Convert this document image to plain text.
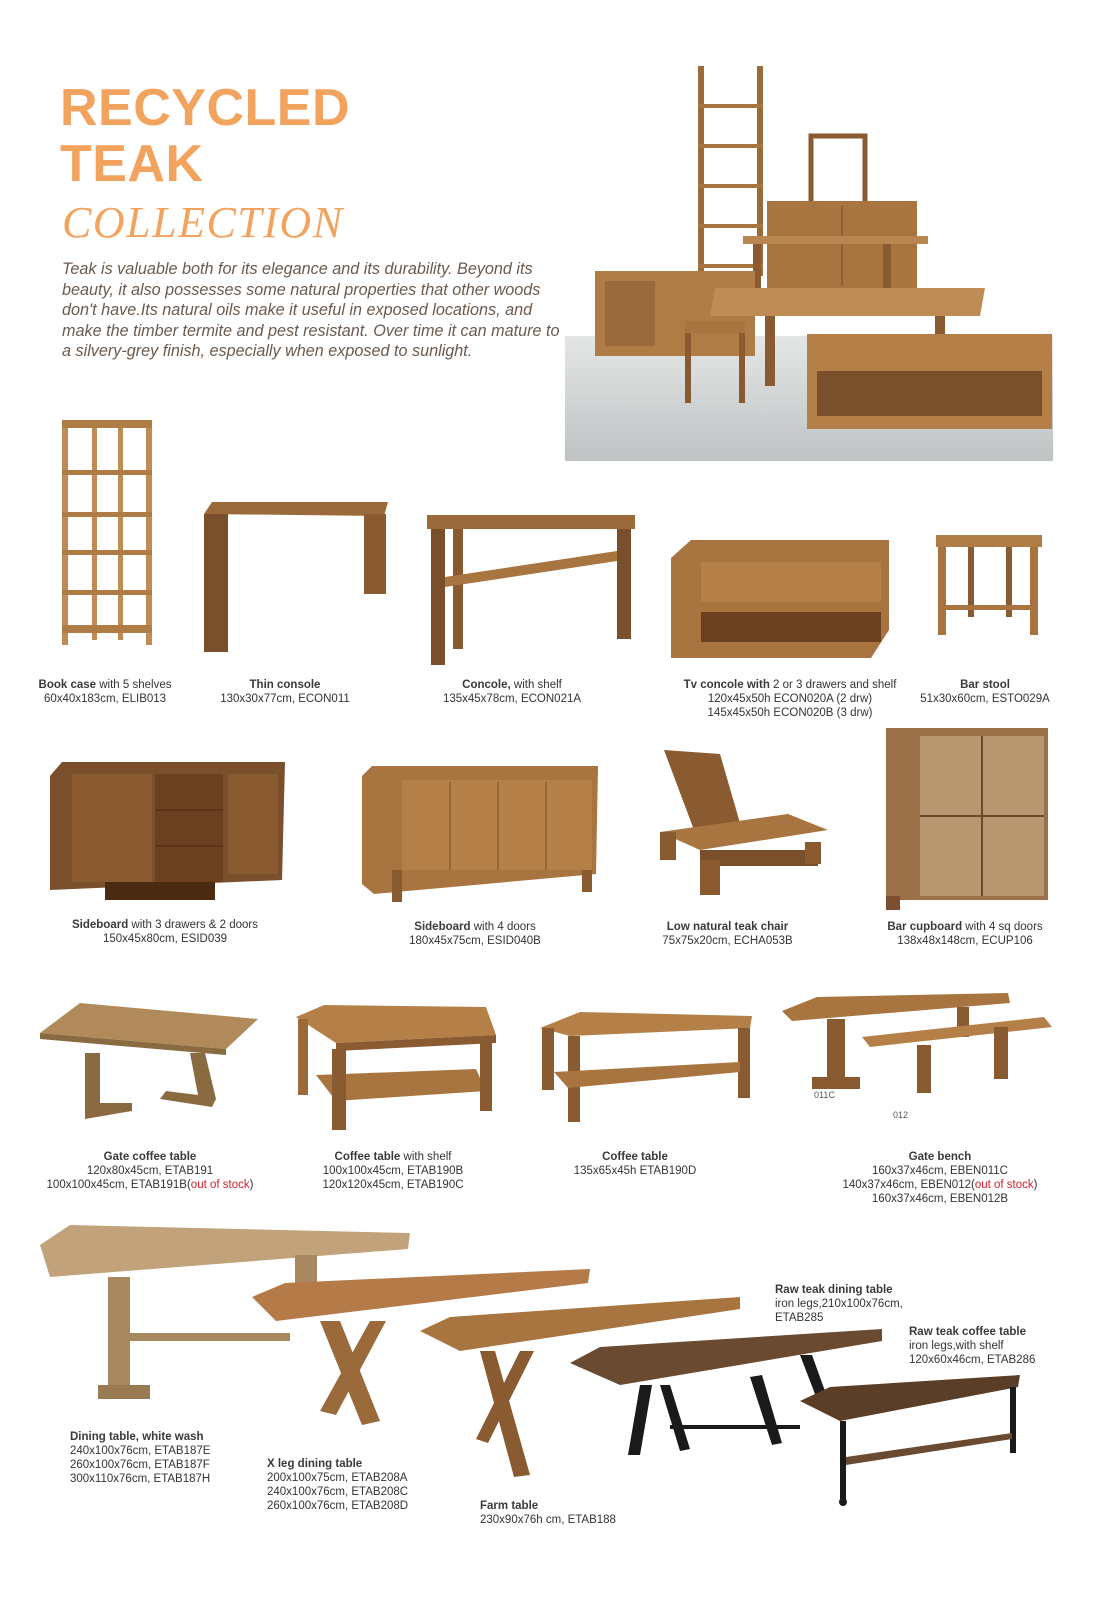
RECYCLED
TEAK
COLLECTION
Teak is valuable both for its elegance and its durability. Beyond its beauty, it also possesses some natural properties that other woods don't have.Its natural oils make it useful in exposed locations, and make the timber termite and pest resistant. Over time it can mature to a silvery-grey finish, especially when exposed to sunlight.
Book case with 5 shelves
60x40x183cm, ELIB013
Thin console
130x30x77cm, ECON011
Concole, with shelf
135x45x78cm, ECON021A
Tv concole with 2 or 3 drawers and shelf
120x45x50h ECON020A (2 drw)
145x45x50h ECON020B (3 drw)
Bar stool
51x30x60cm, ESTO029A
Sideboard with 3 drawers & 2 doors
150x45x80cm, ESID039
Sideboard with 4 doors
180x45x75cm, ESID040B
Low natural teak chair
75x75x20cm, ECHA053B
Bar cupboard with 4 sq doors
138x48x148cm, ECUP106
011C
012
Gate coffee table
120x80x45cm, ETAB191
100x100x45cm, ETAB191B(out of stock)
Coffee table with shelf
100x100x45cm, ETAB190B
120x120x45cm, ETAB190C
Coffee table
135x65x45h ETAB190D
Gate bench
160x37x46cm, EBEN011C
140x37x46cm, EBEN012(out of stock)
160x37x46cm, EBEN012B
Dining table, white wash
240x100x76cm, ETAB187E
260x100x76cm, ETAB187F
300x110x76cm, ETAB187H
X leg dining table
200x100x75cm, ETAB208A
240x100x76cm, ETAB208C
260x100x76cm, ETAB208D	Farm table
230x90x76h cm, ETAB188
Raw teak dining table
iron legs,210x100x76cm,
ETAB285
Raw teak coffee table
iron legs,with shelf
120x60x46cm, ETAB286
